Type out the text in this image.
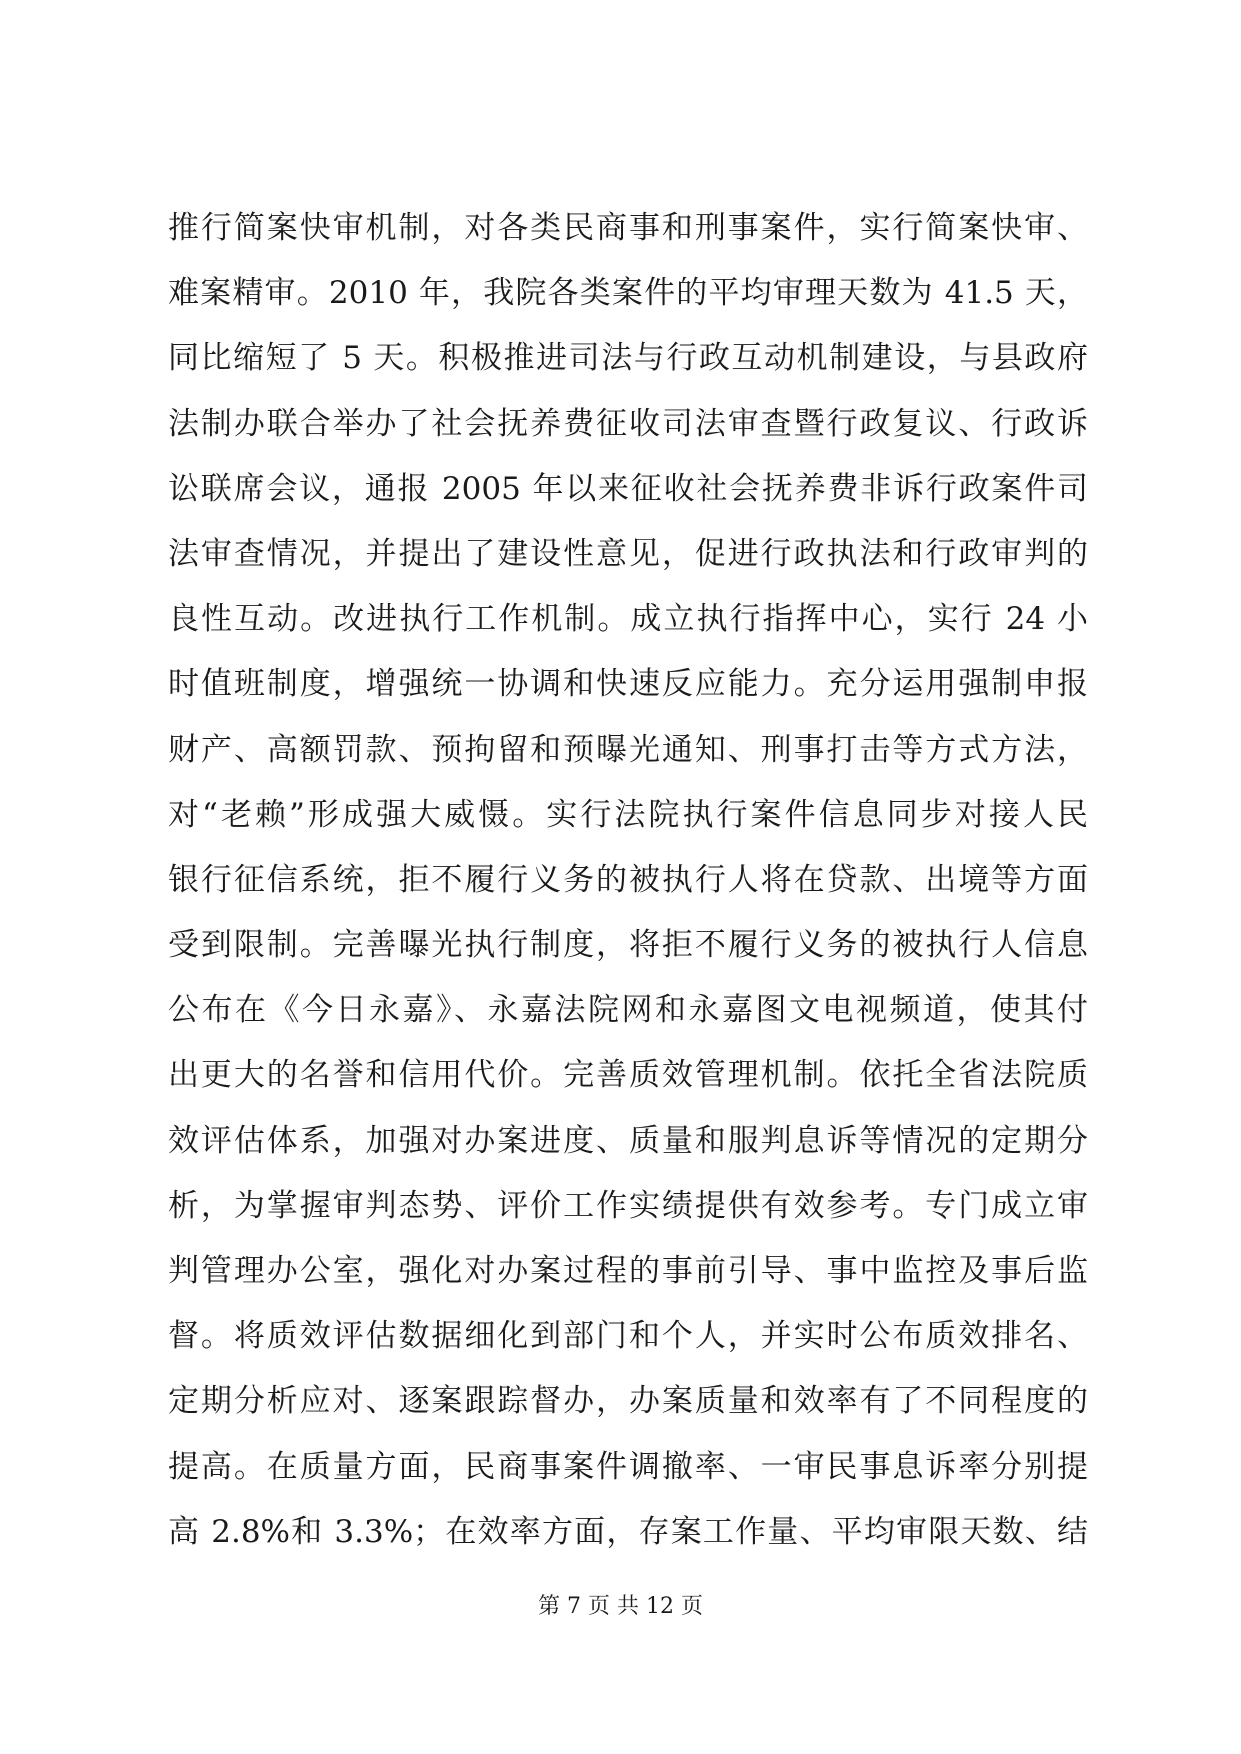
推行简案快审机制，对各类民商事和刑事案件，实行简案快审、
难案精审。2010 年，我院各类案件的平均审理天数为 41.5 天，
同比缩短了 5 天。积极推进司法与行政互动机制建设，与县政府
法制办联合举办了社会抚养费征收司法审查暨行政复议、行政诉
讼联席会议，通报 2005 年以来征收社会抚养费非诉行政案件司
法审查情况，并提出了建设性意见，促进行政执法和行政审判的
良性互动。改进执行工作机制。成立执行指挥中心，实行 24 小
时值班制度，增强统一协调和快速反应能力。充分运用强制申报
财产、高额罚款、预拘留和预曝光通知、刑事打击等方式方法，
对“老赖”形成强大威慑。实行法院执行案件信息同步对接人民
银行征信系统，拒不履行义务的被执行人将在贷款、出境等方面
受到限制。完善曝光执行制度，将拒不履行义务的被执行人信息
公布在《今日永嘉》、永嘉法院网和永嘉图文电视频道，使其付
出更大的名誉和信用代价。完善质效管理机制。依托全省法院质
效评估体系，加强对办案进度、质量和服判息诉等情况的定期分
析，为掌握审判态势、评价工作实绩提供有效参考。专门成立审
判管理办公室，强化对办案过程的事前引导、事中监控及事后监
督。将质效评估数据细化到部门和个人，并实时公布质效排名、
定期分析应对、逐案跟踪督办，办案质量和效率有了不同程度的
提高。在质量方面，民商事案件调撤率、一审民事息诉率分别提
高 2.8%和 3.3%；在效率方面，存案工作量、平均审限天数、结
第 7 页 共 12 页
